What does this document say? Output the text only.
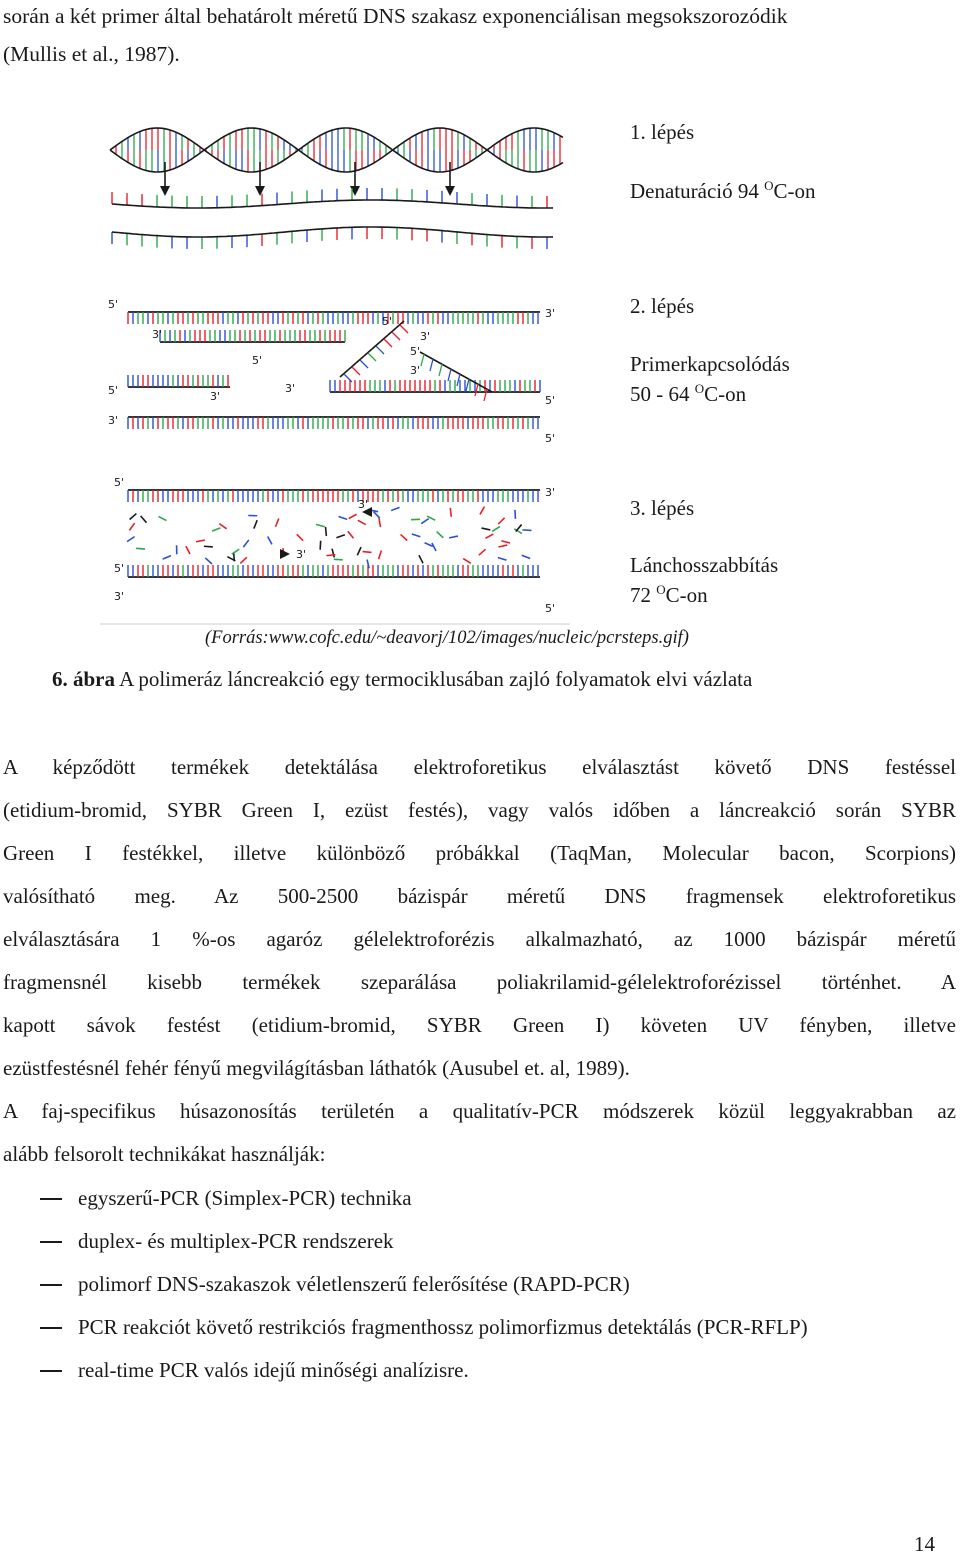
során a két primer által behatárolt méretű DNS szakasz exponenciálisan megsokszorozódik
(Mullis et al., 1987).
5'
3'
3'
5'
5'	3'
3'
5'
3'
5'
5'
5'
3'
3'
5'
3'
5'
3'
5'
3'
3'
1. lépés
Denaturáció 94 $^O$C-on
2. lépés
Primerkapcsolódás
50 - 64 $^O$C-on
3. lépés
Lánchosszabbítás
72 $^O$C-on
(Forrás:www.cofc.edu/~deavorj/102/images/nucleic/pcrsteps.gif)
6. ábra A polimeráz láncreakció egy termociklusában zajló folyamatok elvi vázlata
A képződött termékek detektálása elektroforetikus elválasztást követő DNS festéssel
(etidium-bromid, SYBR Green I, ezüst festés), vagy valós időben a láncreakció során SYBR
Green I festékkel, illetve különböző próbákkal (TaqMan, Molecular bacon, Scorpions)
valósítható meg. Az 500-2500 bázispár méretű DNS fragmensek elektroforetikus
elválasztására 1 %-os agaróz gélelektroforézis alkalmazható, az 1000 bázispár méretű
fragmensnél kisebb termékek szeparálása poliakrilamid-gélelektroforézissel történhet. A
kapott sávok festést (etidium-bromid, SYBR Green I) követen UV fényben, illetve
ezüstfestésnél fehér fényű megvilágításban láthatók (Ausubel et. al, 1989).
A faj-specifikus húsazonosítás területén a qualitatív-PCR módszerek közül leggyakrabban az
alább felsorolt technikákat használják:
egyszerű-PCR (Simplex-PCR) technika
duplex- és multiplex-PCR rendszerek
polimorf DNS-szakaszok véletlenszerű felerősítése (RAPD-PCR)
PCR reakciót követő restrikciós fragmenthossz polimorfizmus detektálás (PCR-RFLP)
real-time PCR valós idejű minőségi analízisre.
14
